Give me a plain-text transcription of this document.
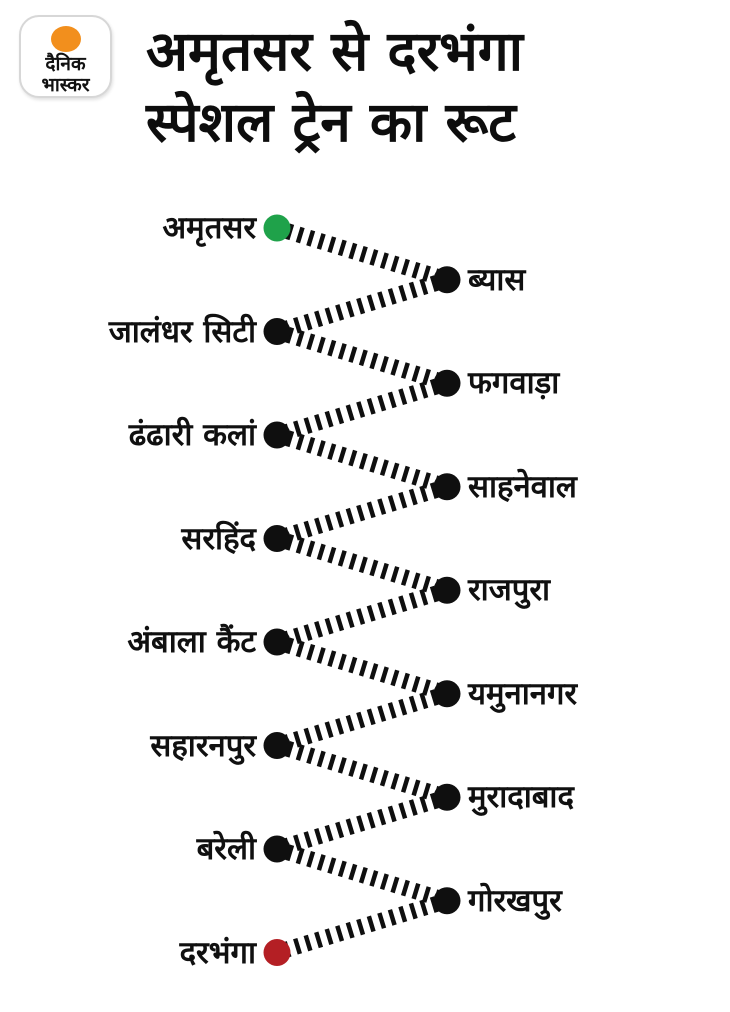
दैनिक
भास्कर
अमृतसर से दरभंगा
स्पेशल ट्रेन का रूट
अमृतसर
ब्यास
जालंधर सिटी
फगवाड़ा
ढंढारी कलां
साहनेवाल
सरहिंद
राजपुरा
अंबाला कैंट
यमुनानगर
सहारनपुर
मुरादाबाद
बरेली
गोरखपुर
दरभंगा
